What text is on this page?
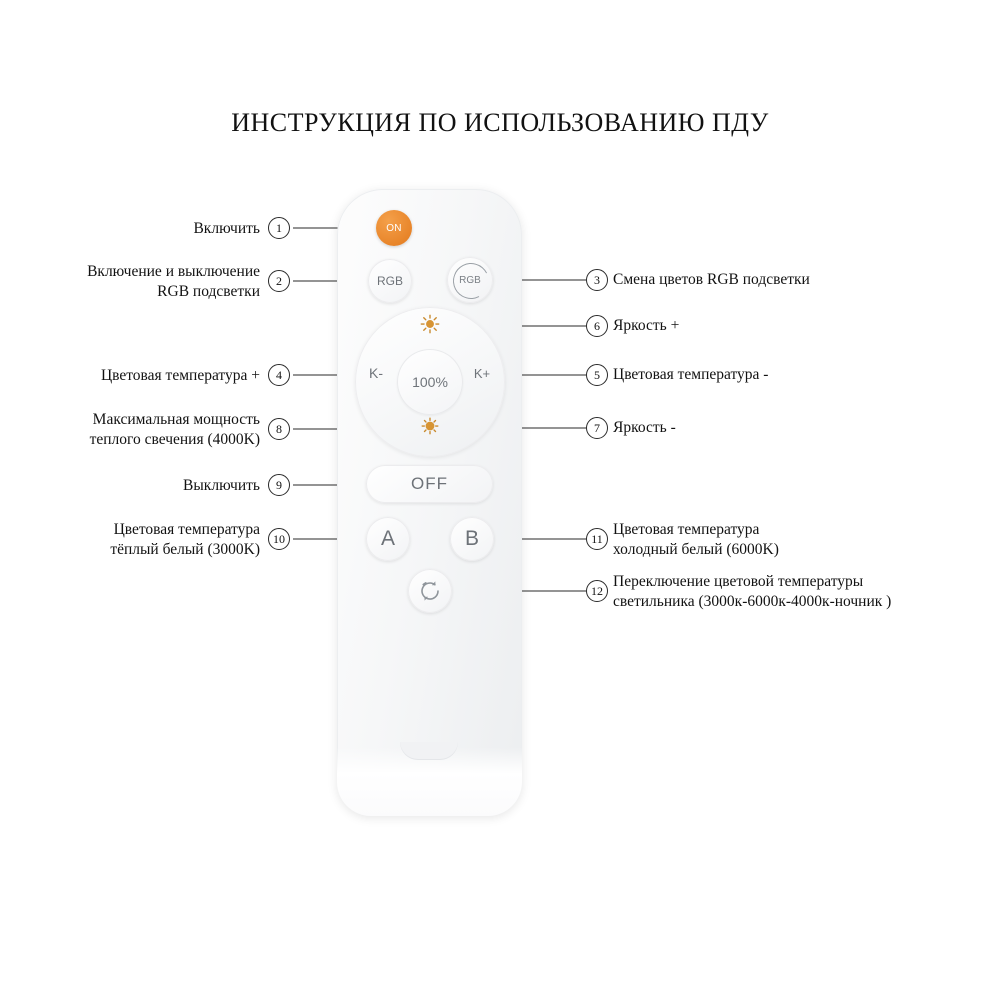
ИНСТРУКЦИЯ ПО ИСПОЛЬЗОВАНИЮ ПДУ
ON
RGB	RGB
K-	K+
100%
OFF
A	B
1
2	3
4	5
6
7
8
9
10	11
12
Включить
Включение и выключение
RGB подсветки
Смена цветов RGB подсветки
Цветовая температура +	Цветовая температура -
Яркость +
Яркость -
Максимальная мощность
теплого свечения (4000K)
Выключить
Цветовая температура
тёплый белый (3000K)
Цветовая температура
холодный белый (6000K)
Переключение цветовой температуры
светильника (3000к-6000к-4000к-ночник )
